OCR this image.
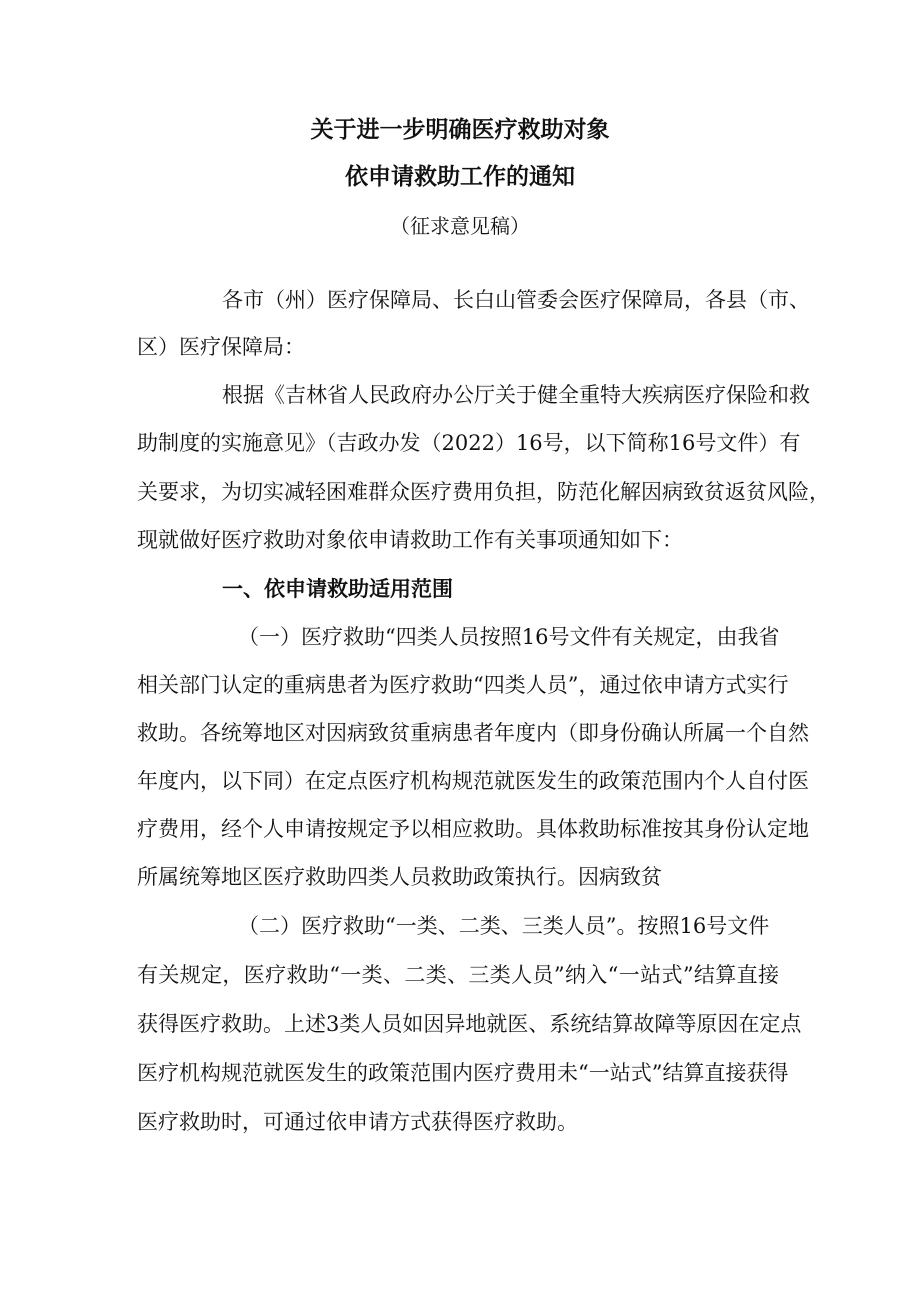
关于进一步明确医疗救助对象
依申请救助工作的通知
（征求意见稿）
各市（州）医疗保障局、长白山管委会医疗保障局，各县（市、
区）医疗保障局：
根据《吉林省人民政府办公厅关于健全重特大疾病医疗保险和救
助制度的实施意见》（吉政办发（2022）16号，以下简称16号文件）有
关要求，为切实减轻困难群众医疗费用负担，防范化解因病致贫返贫风险，
现就做好医疗救助对象依申请救助工作有关事项通知如下：
一、依申请救助适用范围
（一）医疗救助“四类人员按照16号文件有关规定，由我省
相关部门认定的重病患者为医疗救助“四类人员”，通过依申请方式实行
救助。各统筹地区对因病致贫重病患者年度内（即身份确认所属一个自然
年度内，以下同）在定点医疗机构规范就医发生的政策范围内个人自付医
疗费用，经个人申请按规定予以相应救助。具体救助标准按其身份认定地
所属统筹地区医疗救助四类人员救助政策执行。因病致贫
（二）医疗救助“一类、二类、三类人员”。按照16号文件
有关规定，医疗救助“一类、二类、三类人员”纳入“一站式”结算直接
获得医疗救助。上述3类人员如因异地就医、系统结算故障等原因在定点
医疗机构规范就医发生的政策范围内医疗费用未“一站式”结算直接获得
医疗救助时，可通过依申请方式获得医疗救助。
